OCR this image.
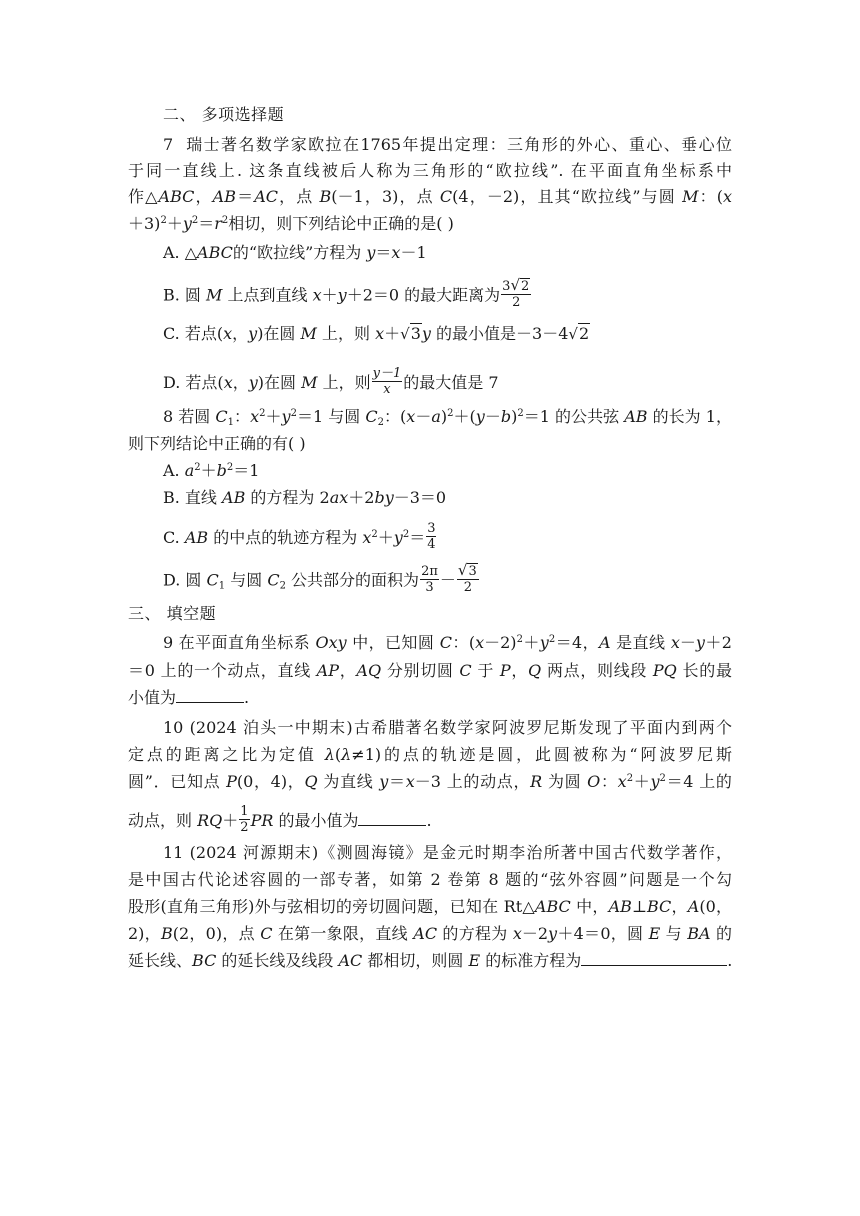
二、 多项选择题
7 瑞士著名数学家欧拉在1765年提出定理：三角形的外心、重心、垂心位
于同一直线上. 这条直线被后人称为三角形的“欧拉线”. 在平面直角坐标系中
作△ABC，AB＝AC，点 B(－1，3)，点 C(4，－2)，且其“欧拉线”与圆 M：(x
$+3)^2+y^2=r^2$相切，则下列结论中正确的是( )
A. △ABC的“欧拉线”方程为 y＝x－1
B. 圆 M 上点到直线 x＋y＋2＝0 的最大距离为 $\frac{3√2}{2}$
C. 若点(x，y)在圆 M 上，则 x＋√3y 的最小值是－3－4√2
D. 若点(x，y)在圆 M 上，则 $\frac{y-1}{x}$ 的最大值是 7
8 若圆 $C_1$：$x^2+y^2=1$ 与圆 $C_2$：$(x-a)^2+(y-b)^2=1$ 的公共弦 AB 的长为 1，
则下列结论中正确的有( )
A. $a^2+b^2=1$
B. 直线 AB 的方程为 2ax＋2by－3＝0
C. AB 的中点的轨迹方程为 $x^2+y^2= \frac{3}{4}$
D. 圆 $C_1$ 与圆 $C_2$ 公共部分的面积为 $\frac{2\pi}{3} - \frac{√3}{2}$
三、 填空题
9 在平面直角坐标系 Oxy 中，已知圆 C：$(x-2)^2+y^2=4$，A 是直线 x－y＋2
＝0 上的一个动点，直线 AP，AQ 分别切圆 C 于 P，Q 两点，则线段 PQ 长的最
小值为	.
10 (2024 泊头一中期末)古希腊著名数学家阿波罗尼斯发现了平面内到两个
定点的距离之比为定值 λ(λ≠1)的点的轨迹是圆，此圆被称为“阿波罗尼斯
圆”．已知点 P(0，4)，Q 为直线 y＝x－3 上的动点，R 为圆 O：$x^2+y^2=4$ 上的
动点，则 $RQ+ \frac{1}{2}$ PR 的最小值为	.
11 (2024 河源期末)《测圆海镜》是金元时期李治所著中国古代数学著作，
是中国古代论述容圆的一部专著，如第 2 卷第 8 题的“弦外容圆”问题是一个勾
股形(直角三角形)外与弦相切的旁切圆问题，已知在 Rt△ABC 中，AB⊥BC，A(0，
2)，B(2，0)，点 C 在第一象限，直线 AC 的方程为 x－2y＋4＝0，圆 E 与 BA 的
延长线、BC 的延长线及线段 AC 都相切，则圆 E 的标准方程为	.
